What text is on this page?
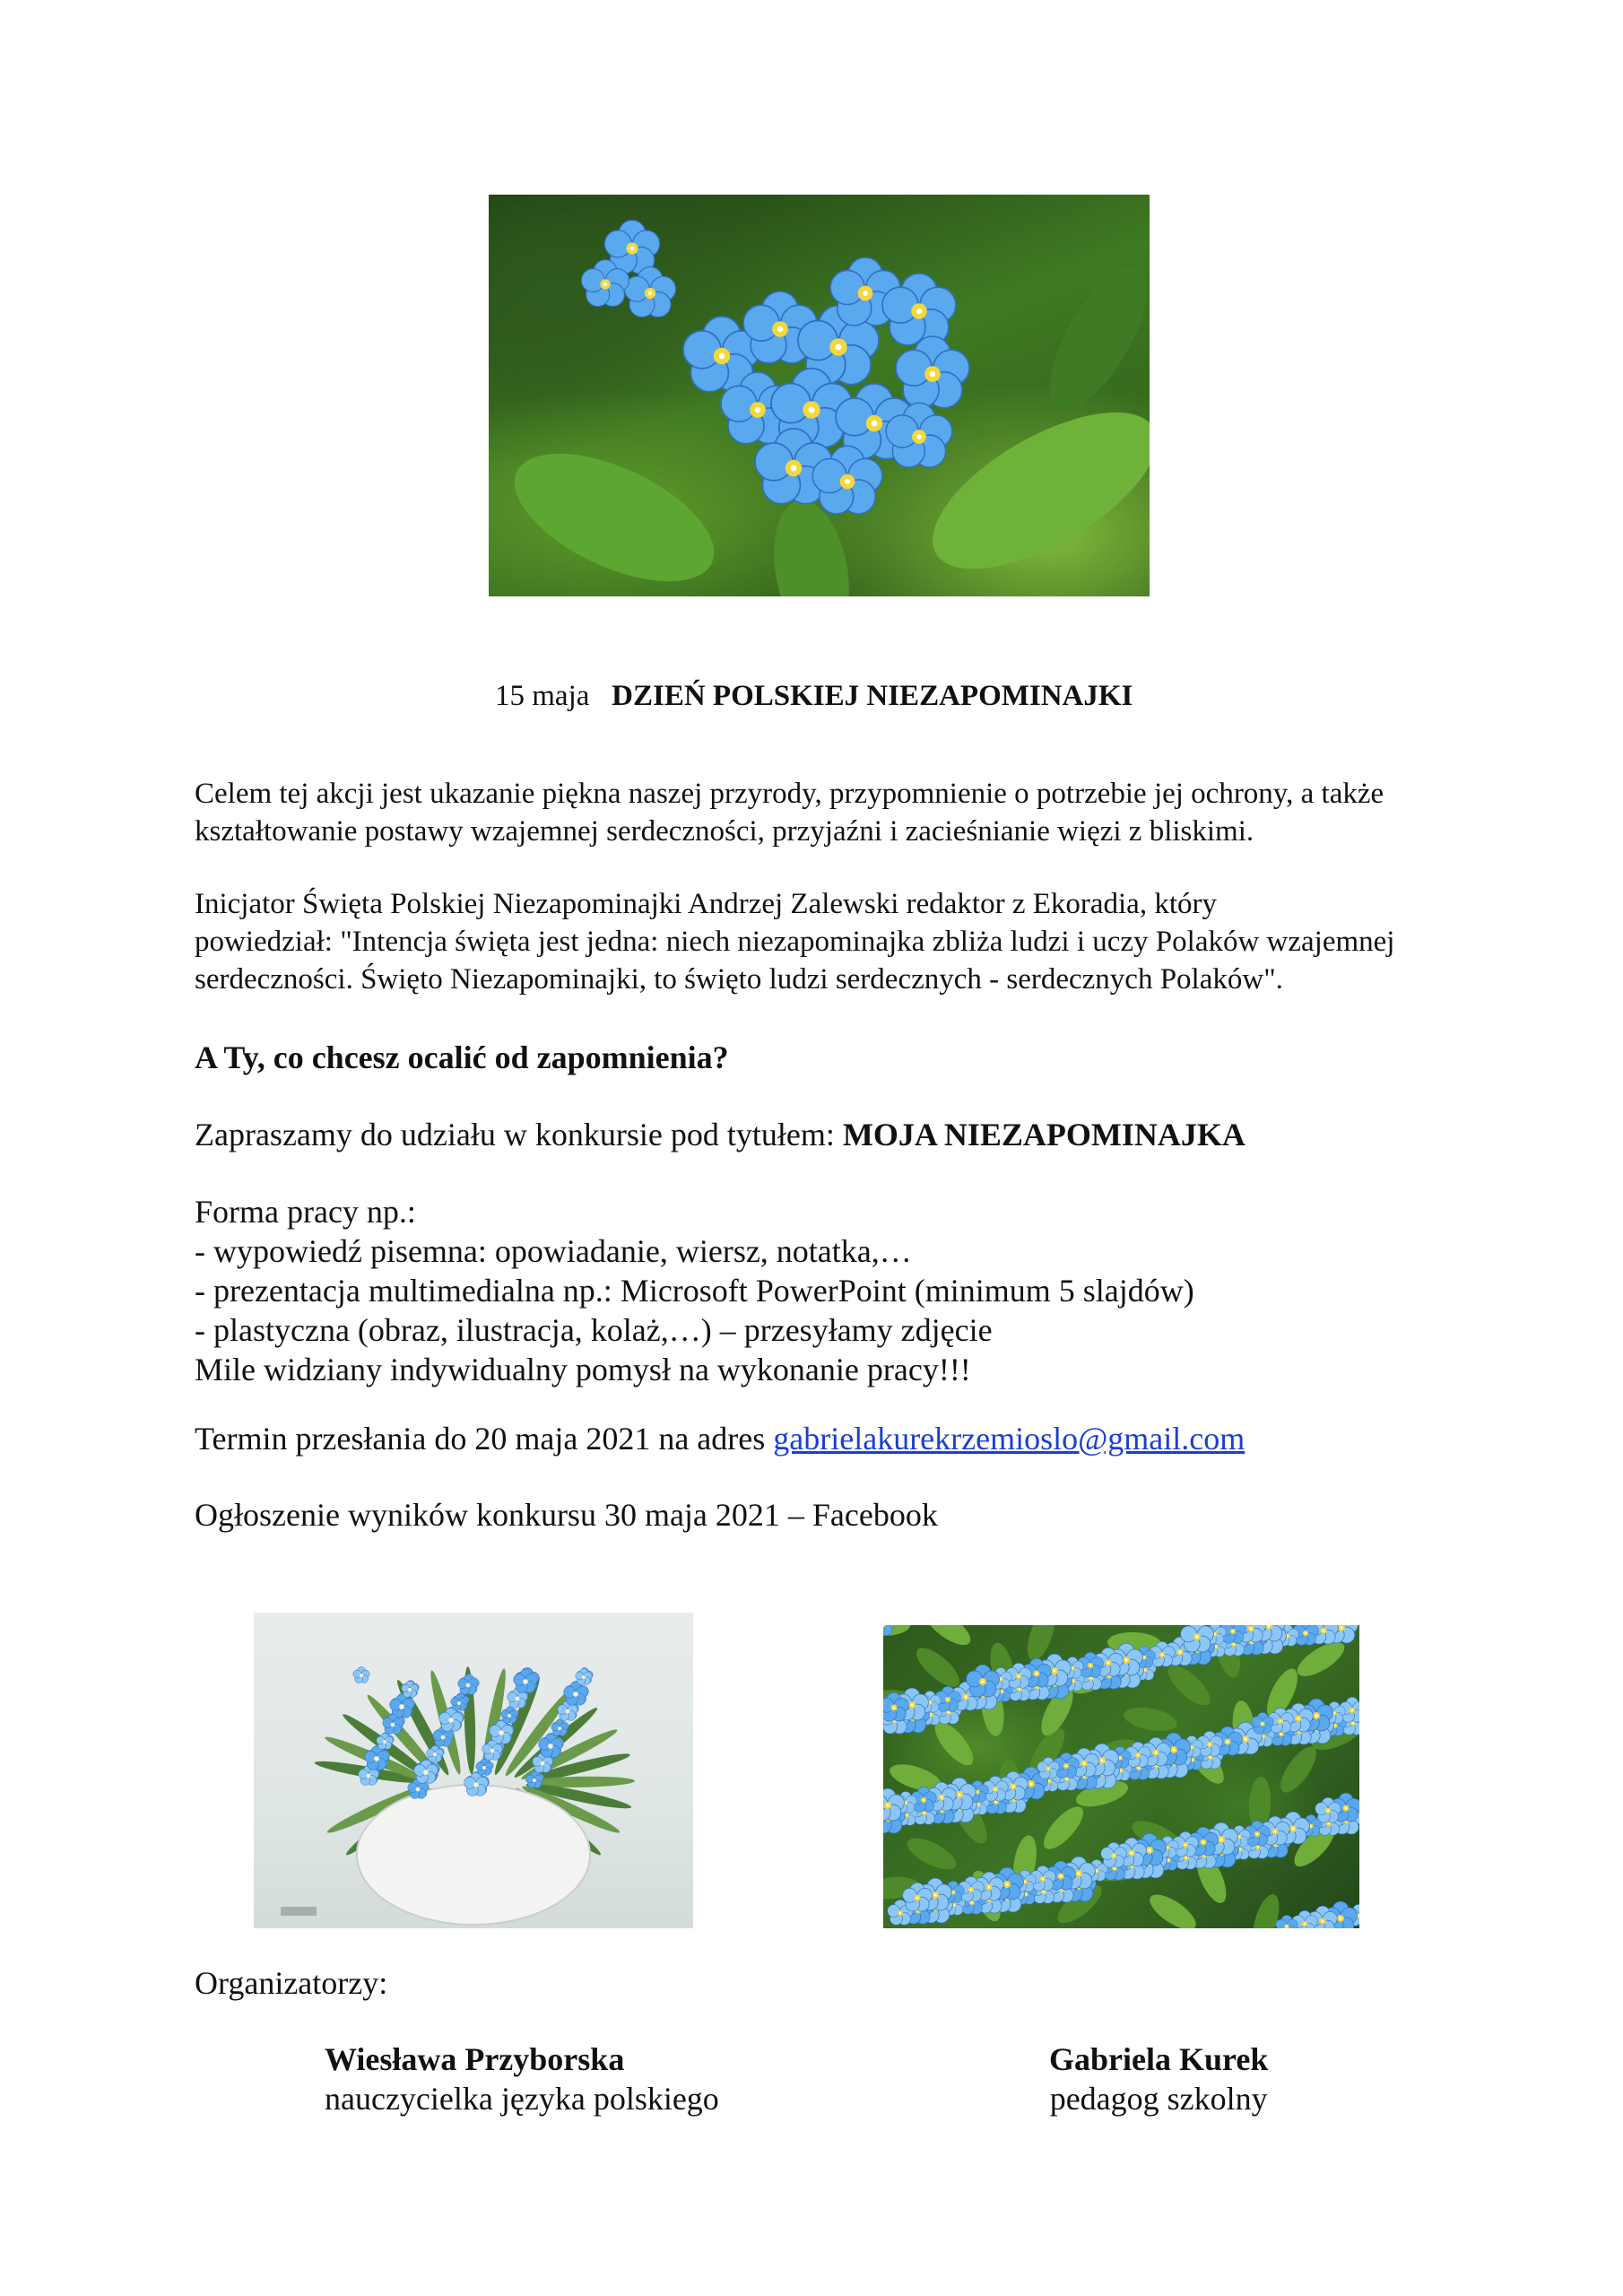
15 maja DZIEŃ POLSKIEJ NIEZAPOMINAJKI
Celem tej akcji jest ukazanie piękna naszej przyrody, przypomnienie o potrzebie jej ochrony, a także
kształtowanie postawy wzajemnej serdeczności, przyjaźni i zacieśnianie więzi z bliskimi.
Inicjator Święta Polskiej Niezapominajki Andrzej Zalewski redaktor z Ekoradia, który
powiedział: "Intencja święta jest jedna: niech niezapominajka zbliża ludzi i uczy Polaków wzajemnej
serdeczności. Święto Niezapominajki, to święto ludzi serdecznych - serdecznych Polaków".
A Ty, co chcesz ocalić od zapomnienia?
Zapraszamy do udziału w konkursie pod tytułem: MOJA NIEZAPOMINAJKA
Forma pracy np.:
- wypowiedź pisemna: opowiadanie, wiersz, notatka,…
- prezentacja multimedialna np.: Microsoft PowerPoint (minimum 5 slajdów)
- plastyczna (obraz, ilustracja, kolaż,…) – przesyłamy zdjęcie
Mile widziany indywidualny pomysł na wykonanie pracy!!!
Termin przesłania do 20 maja 2021 na adres gabrielakurekrzemioslo@gmail.com
Ogłoszenie wyników konkursu 30 maja 2021 – Facebook
Organizatorzy:
Wiesława Przyborska
nauczycielka języka polskiego
Gabriela Kurek
pedagog szkolny
